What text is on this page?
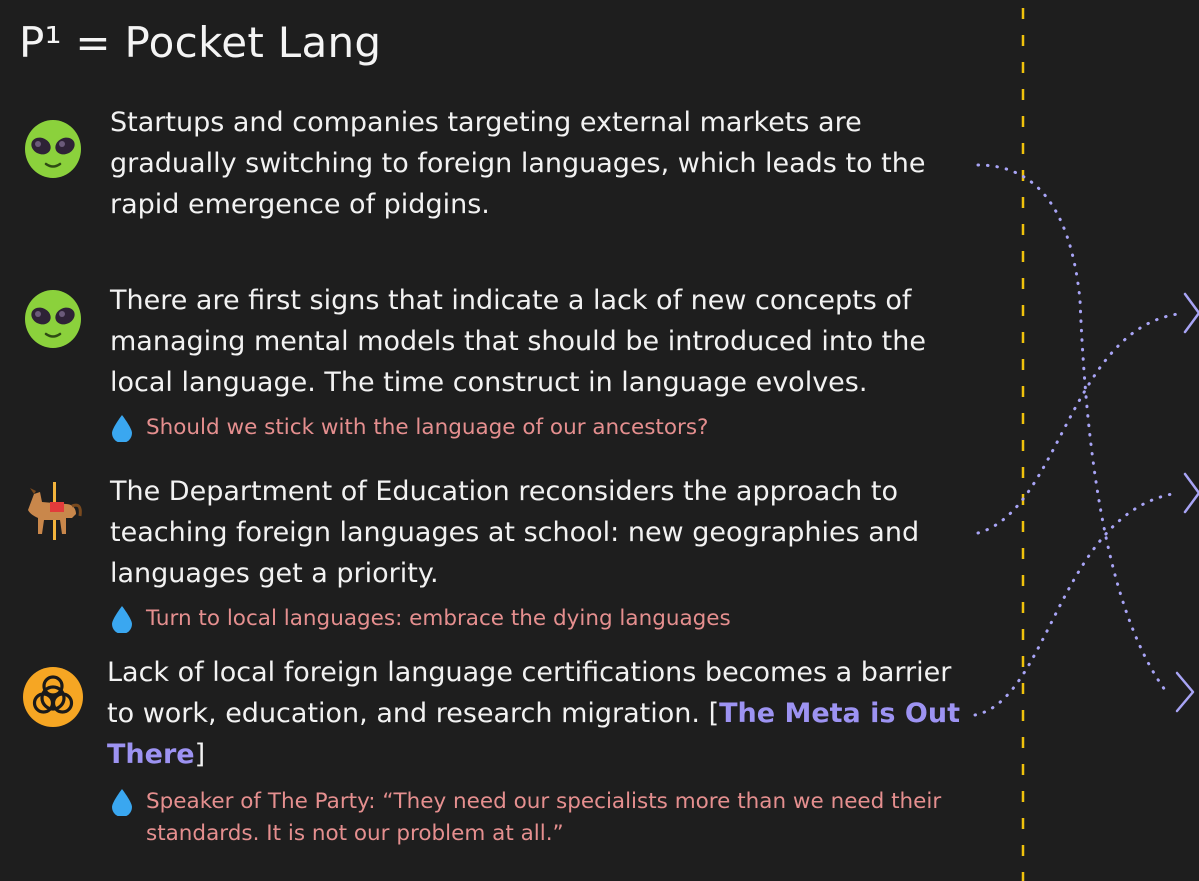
P¹ = Pocket Lang
Startups and companies targeting external markets are gradually switching to foreign languages, which leads to the rapid emergence of pidgins.
There are first signs that indicate a lack of new concepts of managing mental models that should be introduced into the local language. The time construct in language evolves.
Should we stick with the language of our ancestors?
The Department of Education reconsiders the approach to teaching foreign languages at school: new geographies and languages get a priority.
Turn to local languages: embrace the dying languages
Lack of local foreign language certifications becomes a barrier to work, education, and research migration. [The Meta is Out There]
Speaker of The Party: “They need our specialists more than we need their standards. It is not our problem at all.”
